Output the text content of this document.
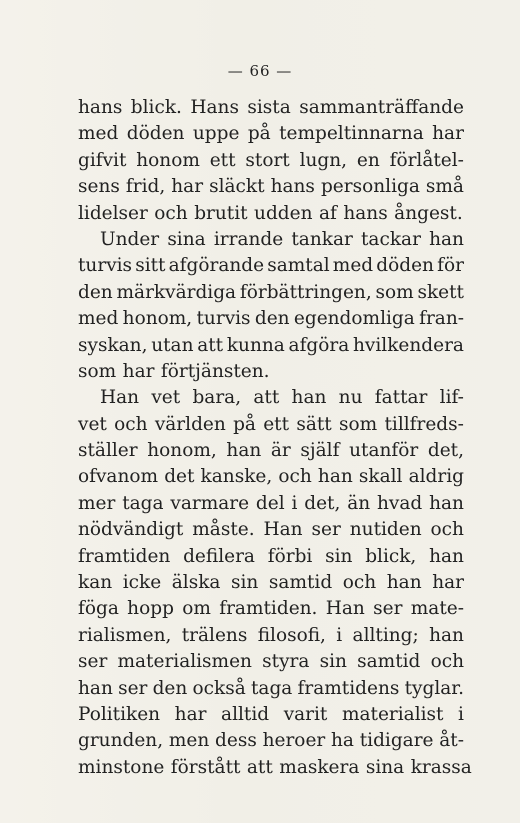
— 66 —
hans blick. Hans sista sammanträffande
med döden uppe på tempeltinnarna har
gifvit honom ett stort lugn, en förlåtel-
sens frid, har släckt hans personliga små
lidelser och brutit udden af hans ångest.
Under sina irrande tankar tackar han
turvis sitt afgörande samtal med döden för
den märkvärdiga förbättringen, som skett
med honom, turvis den egendomliga fran-
syskan, utan att kunna afgöra hvilkendera
som har förtjänsten.
Han vet bara, att han nu fattar lif-
vet och världen på ett sätt som tillfreds-
ställer honom, han är själf utanför det,
ofvanom det kanske, och han skall aldrig
mer taga varmare del i det, än hvad han
nödvändigt måste. Han ser nutiden och
framtiden defilera förbi sin blick, han
kan icke älska sin samtid och han har
föga hopp om framtiden. Han ser mate-
rialismen, trälens filosofi, i allting; han
ser materialismen styra sin samtid och
han ser den också taga framtidens tyglar.
Politiken har alltid varit materialist i
grunden, men dess heroer ha tidigare åt-
minstone förstått att maskera sina krassa
